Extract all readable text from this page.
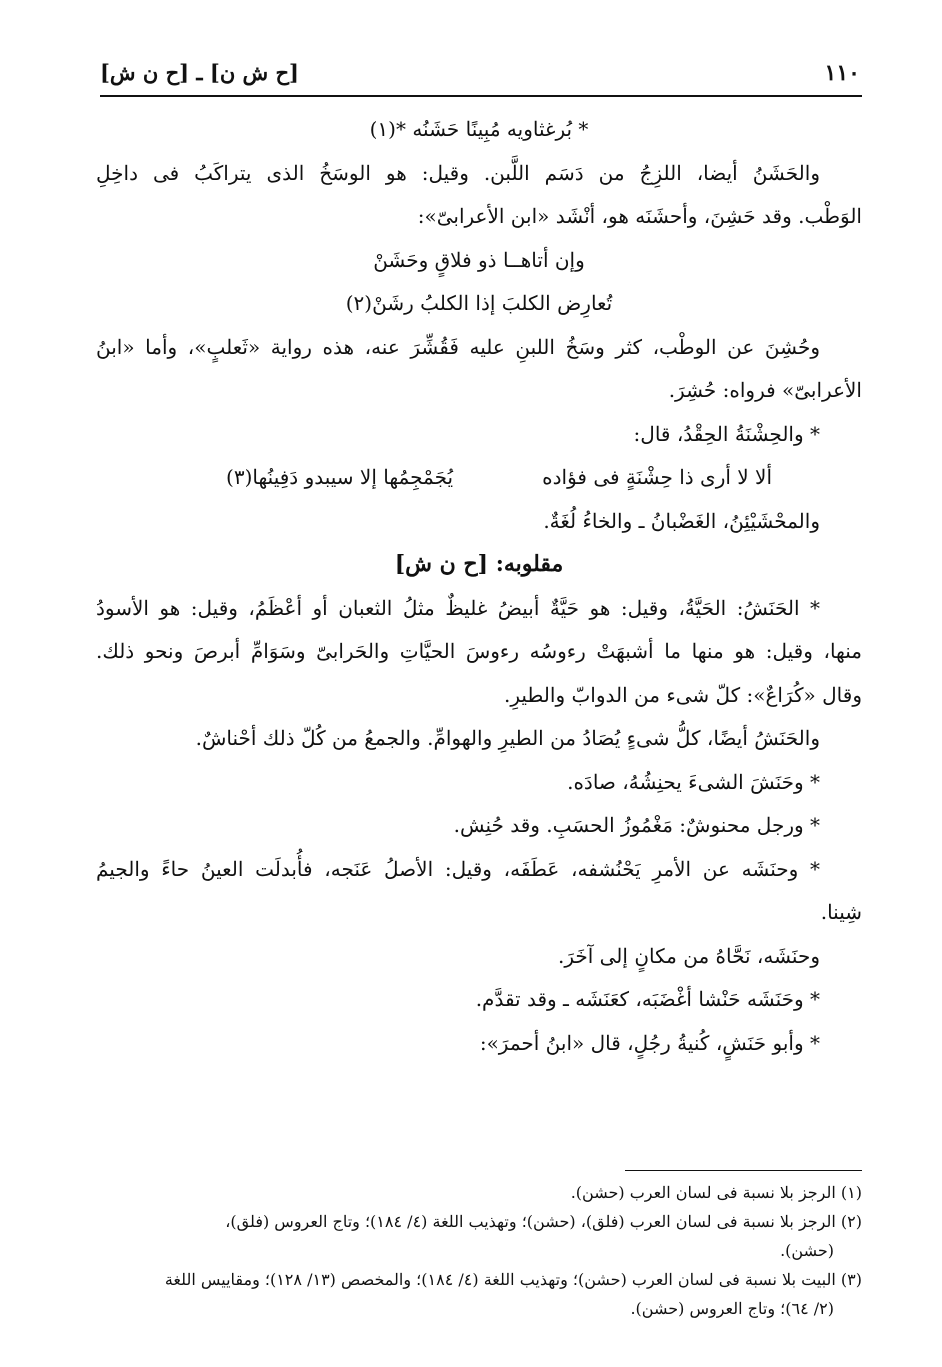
١١٠
[ح ش ن] ـ [ح ن ش]
* بُرغثاويه مُبِينًا حَشَنُه *(١)
والحَشَنُ أيضا، اللزِجُ من دَسَم اللَّبن. وقيل: هو الوسَخُ الذى يتراكَبُ فى داخِلِ
الوَطْب. وقد حَشِنَ، وأحشَنَه هو، أنْشَد «ابن الأعرابىّ»:
وإن أتاهــا ذو فلاقٍ وحَشَنْ
تُعارِض الكلبَ إذا الكلبُ رشَنْ(٢)
وحُشِنَ عن الوطْب، كثر وسَخُ اللبنِ عليه فَقُشِّرَ عنه، هذه رواية «ثَعلبٍ»، وأما «ابنُ
الأعرابىّ» فرواه: حُشِرَ.
* والحِشْنَةُ الحِقْدُ، قال:
ألا لا أرى ذا حِشْنَةٍ فى فؤاده
يُجَمْجِمُها إلا سيبدو دَفِينُها(٣)
والمحْشَيْئِنُ، الغَضْبانُ ـ والخاءُ لُغَةٌ.
مقلوبه: [ح ن ش]
* الحَنَشُ: الحَيَّةُ، وقيل: هو حَيَّةٌ أبيضُ غليظٌ مثلُ الثعبان أو أعْظَمُ، وقيل: هو الأسودُ
منها، وقيل: هو منها ما أشبهَتْ رءوسُه رءوسَ الحيَّاتِ والحَرابىّ وسَوَامِّ أبرصَ ونحو ذلك.
وقال «كُرَاعٌ»: كلّ شىء من الدوابّ والطيرِ.
والحَنَشُ أيضًا، كلُّ شىءٍ يُصَادُ من الطيرِ والهوامِّ. والجمعُ من كُلّ ذلك أحْناشٌ.
* وحَنَشَ الشىءَ يحنِشُهُ، صادَه.
* ورجل محنوشٌ: مَغْمُوزُ الحسَبِ. وقد حُنِش.
* وحنَشَه عن الأمرِ يَحْنُشفه، عَطَفَه، وقيل: الأصلُ عَنَجه، فأُبدلَت العينُ حاءً والجيمُ
شِينا.
وحنَشَه، نَحَّاهُ من مكانٍ إلى آخَرَ.
* وحَنَشَه حَنْشا أغْضَبَه، كعَنَشَه ـ وقد تقدَّم.
* وأبو حَنَشٍ، كُنيةُ رجُلٍ، قال «ابنُ أحمرَ»:
(١) الرجز بلا نسبة فى لسان العرب (حشن).
(٢) الرجز بلا نسبة فى لسان العرب (فلق)، (حشن)؛ وتهذيب اللغة (٤/ ١٨٤)؛ وتاج العروس (فلق)،
(حشن).
(٣) البيت بلا نسبة فى لسان العرب (حشن)؛ وتهذيب اللغة (٤/ ١٨٤)؛ والمخصص (١٣/ ١٢٨)؛ ومقاييس اللغة
(٢/ ٦٤)؛ وتاج العروس (حشن).
